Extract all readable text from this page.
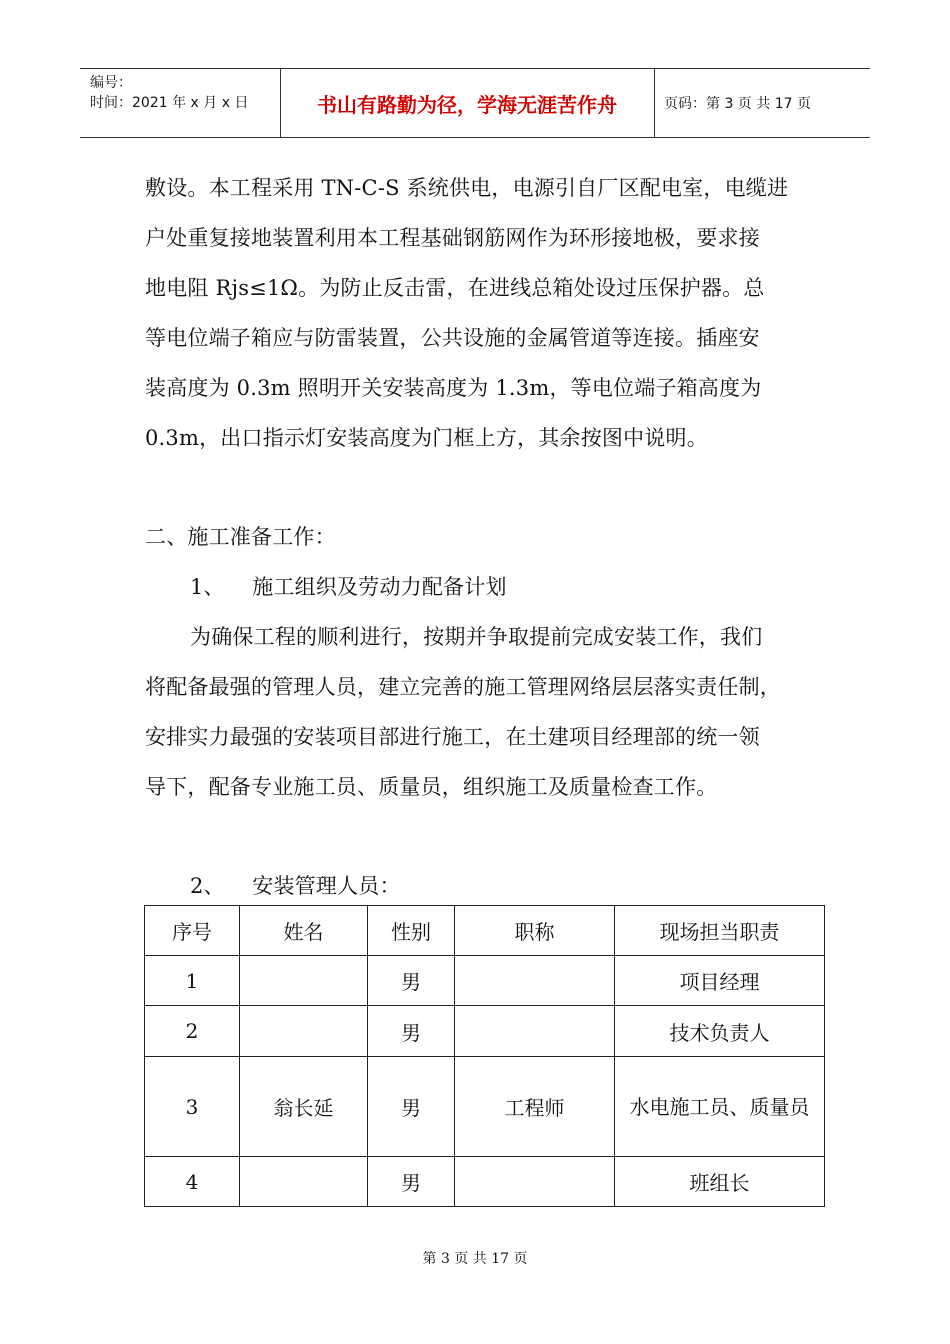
编号：
时间：2021 年 x 月 x 日	书山有路勤为径，学海无涯苦作舟	页码：第 3 页 共 17 页
敷设。本工程采用 TN-C-S 系统供电，电源引自厂区配电室，电缆进
户处重复接地装置利用本工程基础钢筋网作为环形接地极，要求接
地电阻 Rjs≤1Ω。为防止反击雷，在进线总箱处设过压保护器。总
等电位端子箱应与防雷装置，公共设施的金属管道等连接。插座安
装高度为 0.3m 照明开关安装高度为 1.3m，等电位端子箱高度为
0.3m，出口指示灯安装高度为门框上方，其余按图中说明。
二、施工准备工作：
1、    施工组织及劳动力配备计划
为确保工程的顺利进行，按期并争取提前完成安装工作，我们
将配备最强的管理人员，建立完善的施工管理网络层层落实责任制，
安排实力最强的安装项目部进行施工，在土建项目经理部的统一领
导下，配备专业施工员、质量员，组织施工及质量检查工作。
2、    安装管理人员：
序号	姓名	性别	职称	现场担当职责
1		男		项目经理
2		男		技术负责人
3	翁长延	男	工程师	水电施工员、质量员
4		男		班组长
第 3 页 共 17 页
